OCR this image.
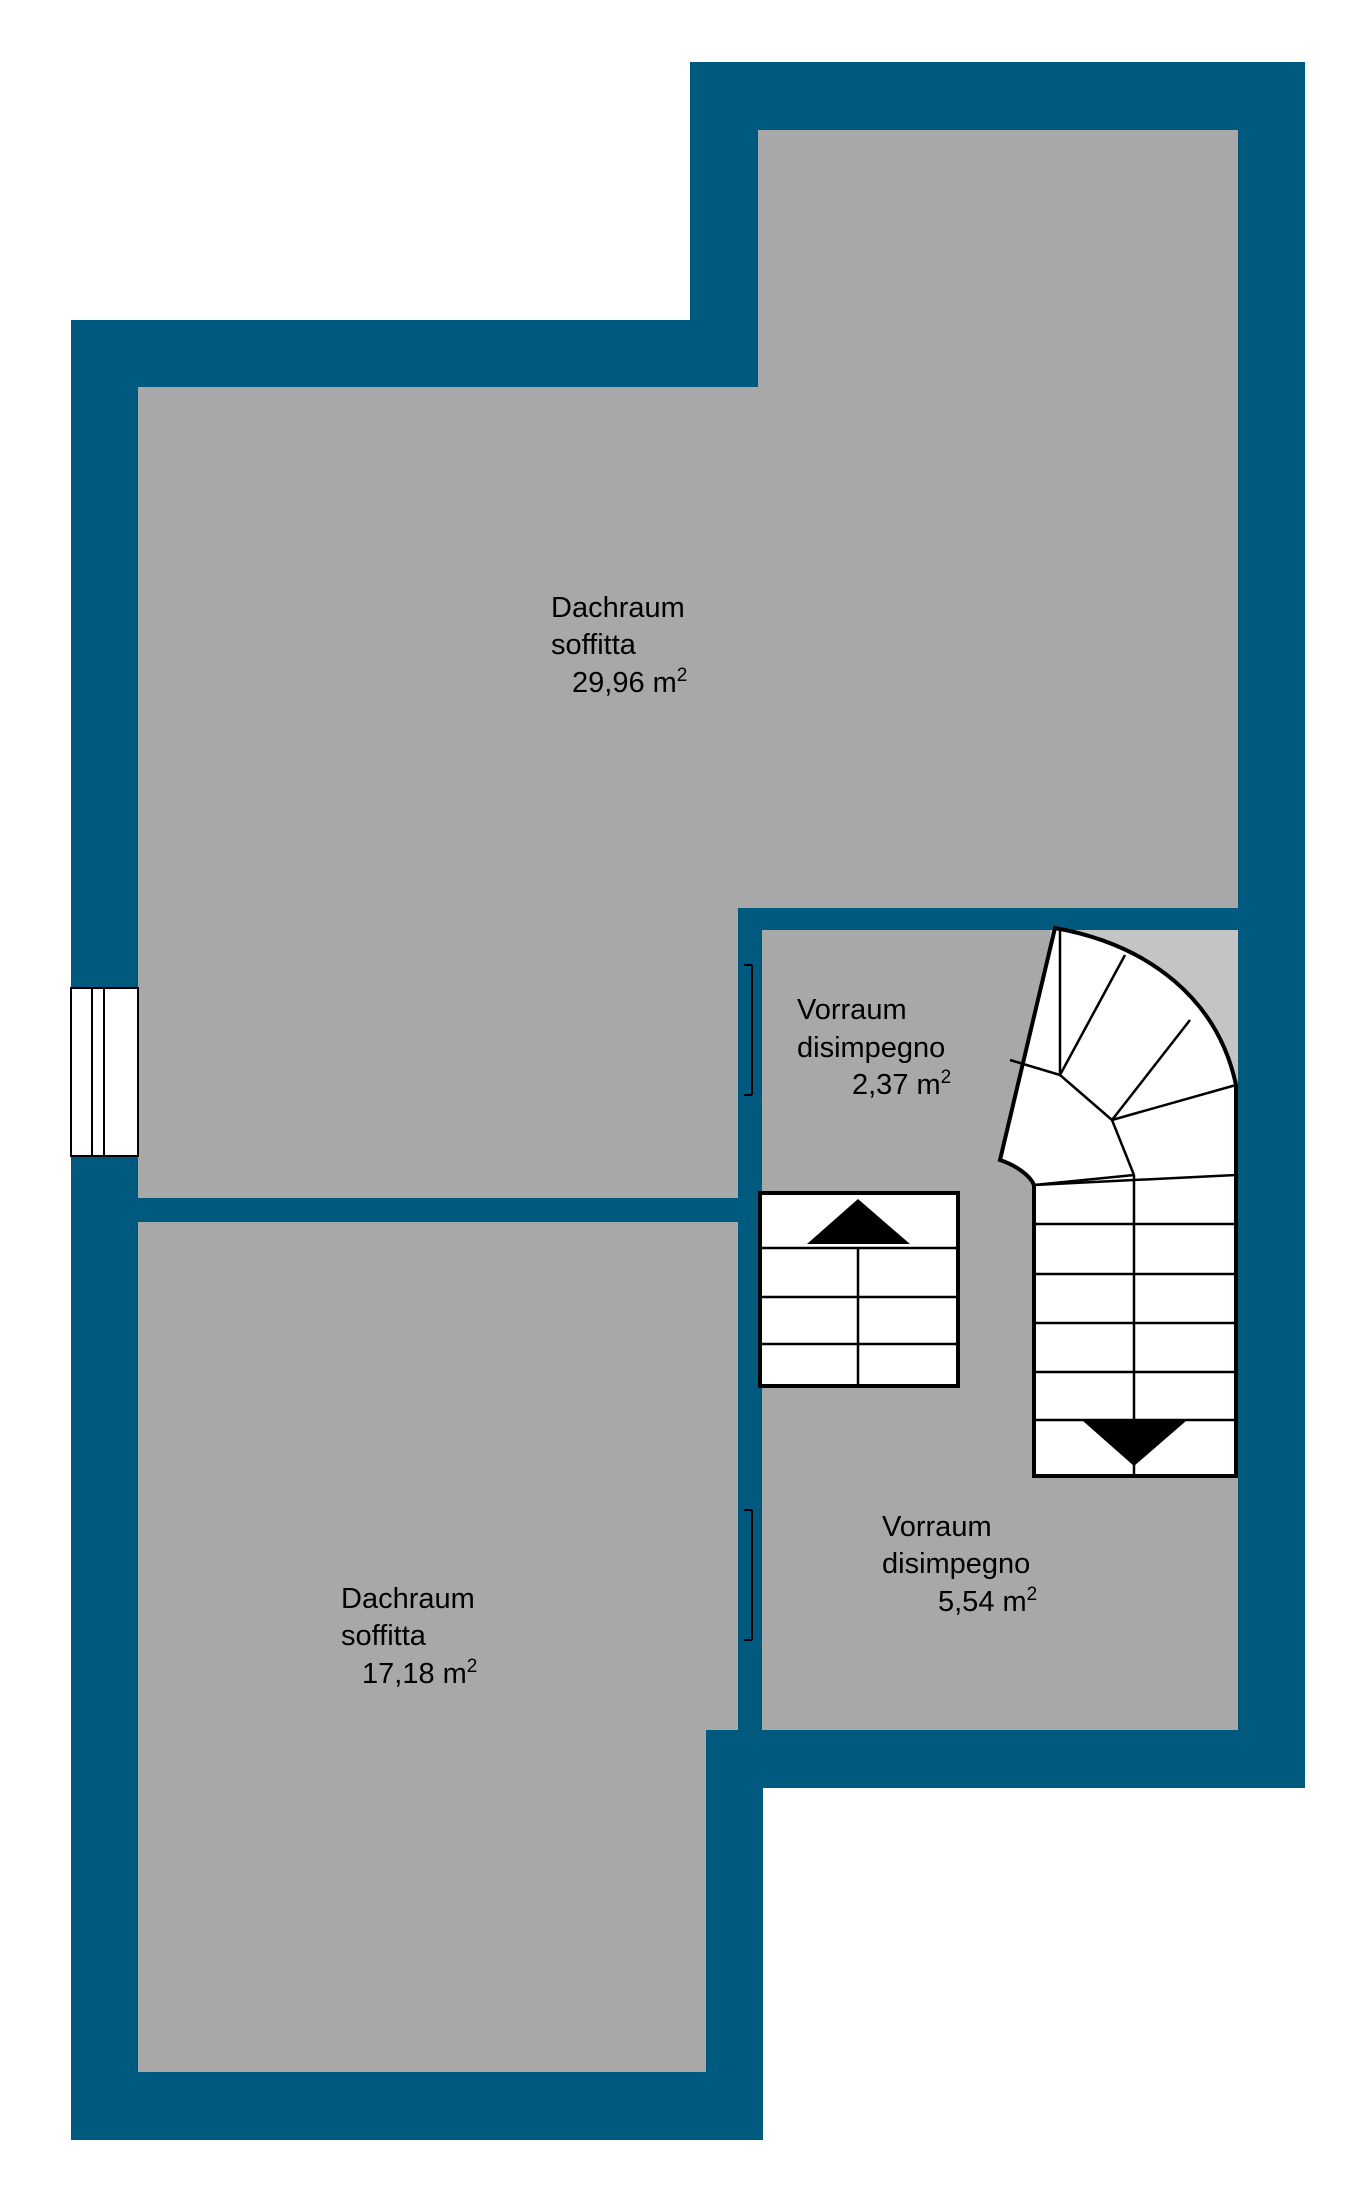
Dachraum soffitta 29,96 $m^2$
Vorraum disimpegno 2,37 $m^2$
Vorraum disimpegno 5,54 $m^2$
Dachraum soffitta 17,18 $m^2$
